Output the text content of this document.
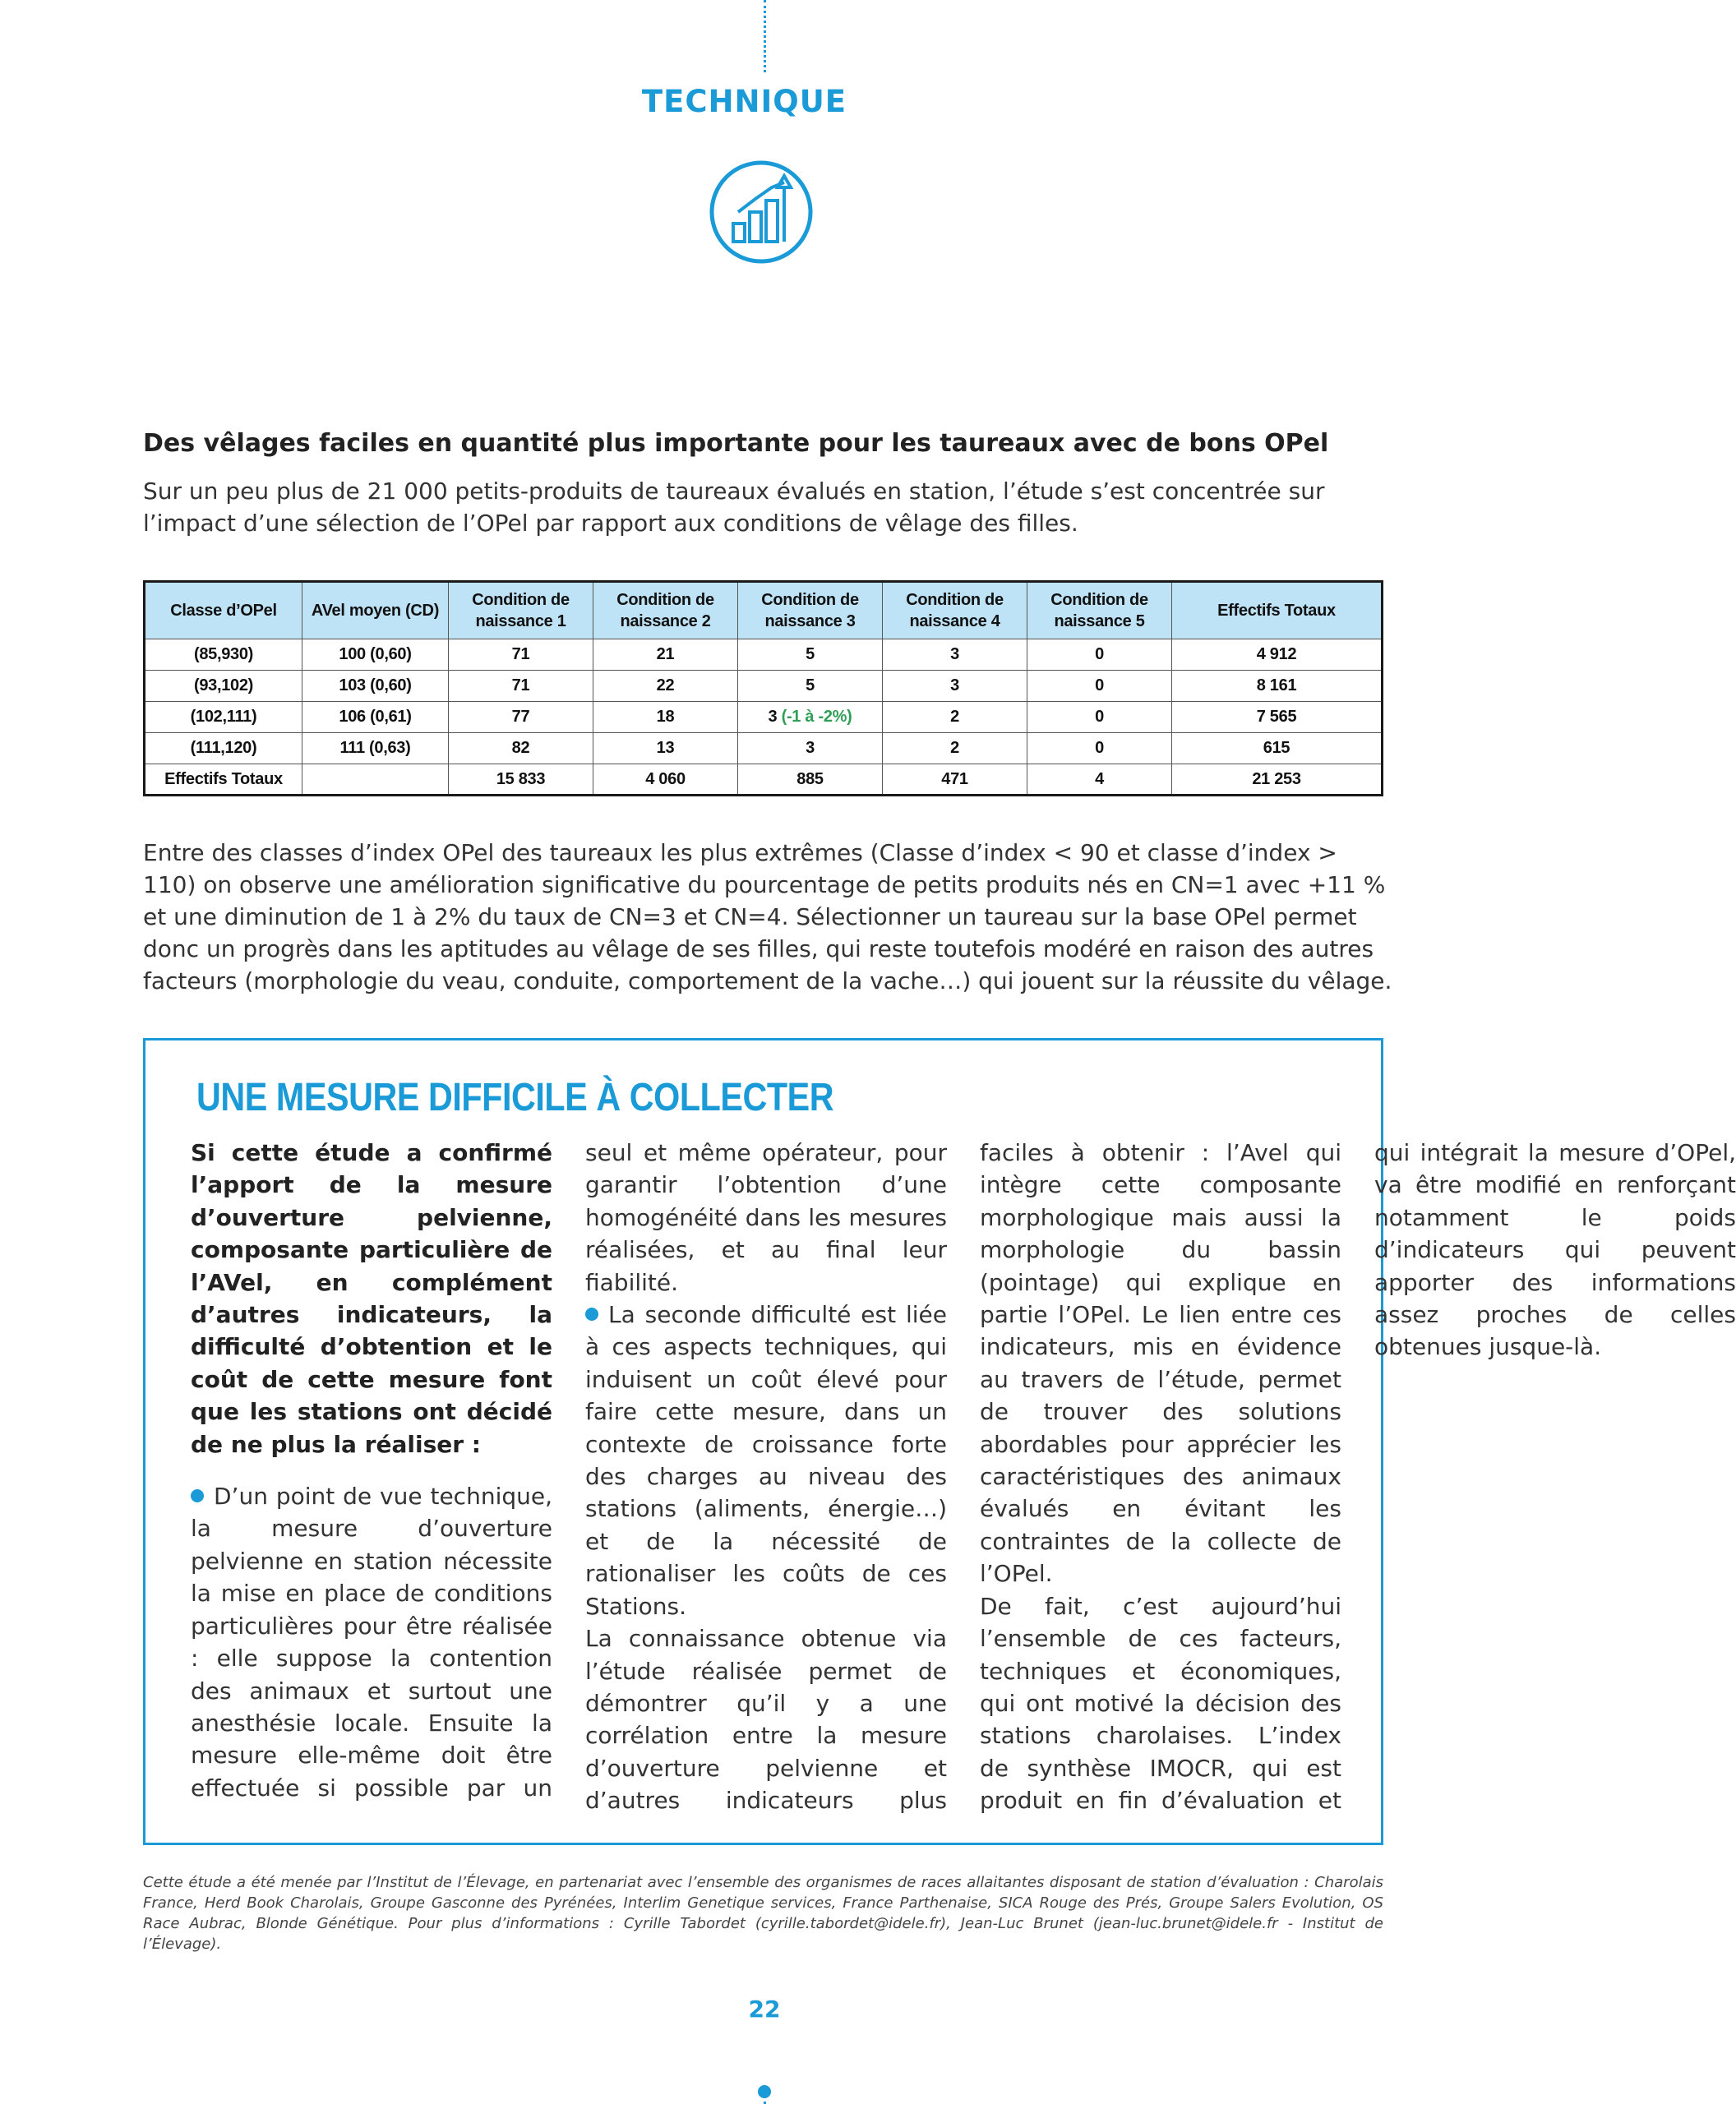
TECHNIQUE
Des vêlages faciles en quantité plus importante pour les taureaux avec de bons OPel
Sur un peu plus de 21 000 petits-produits de taureaux évalués en station, l’étude s’est concentrée sur l’impact d’une sélection de l’OPel par rapport aux conditions de vêlage des filles.
Classe d’OPel	AVel moyen (CD)	Condition de naissance 1	Condition de naissance 2	Condition de naissance 3	Condition de naissance 4	Condition de naissance 5	Effectifs Totaux
(85,930)	100 (0,60)	71	21	5	3	0	4 912
(93,102)	103 (0,60)	71	22	5	3	0	8 161
(102,111)	106 (0,61)	77	18	3 (-1 à -2%)	2	0	7 565
(111,120)	111 (0,63)	82	13	3	2	0	615
Effectifs Totaux		15 833	4 060	885	471	4	21 253
Entre des classes d’index OPel des taureaux les plus extrêmes (Classe d’index < 90 et classe d’index > 110) on observe une amélioration significative du pourcentage de petits produits nés en CN=1 avec +11 % et une diminution de 1 à 2% du taux de CN=3 et CN=4. Sélectionner un taureau sur la base OPel permet donc un progrès dans les aptitudes au vêlage de ses filles, qui reste toutefois modéré en raison des autres facteurs (morphologie du veau, conduite, comportement de la vache…) qui jouent sur la réussite du vêlage.
UNE MESURE DIFFICILE À COLLECTER

Si cette étude a confirmé l’apport de la mesure d’ouverture pelvienne, composante particulière de l’AVel, en complément d’autres indicateurs, la difficulté d’obtention et le coût de cette mesure font que les stations ont décidé de ne plus la réaliser :

D’un point de vue technique, la mesure d’ouverture pelvienne en station nécessite la mise en place de conditions particulières pour être réalisée : elle suppose la contention des animaux et surtout une anesthésie locale. Ensuite la mesure elle-même doit être effectuée si possible par un seul et même opérateur, pour garantir l’obtention d’une homogénéité dans les mesures réalisées, et au final leur fiabilité.

La seconde difficulté est liée à ces aspects techniques, qui induisent un coût élevé pour faire cette mesure, dans un contexte de croissance forte des charges au niveau des stations (aliments, énergie…) et de la nécessité de rationaliser les coûts de ces Stations.

La connaissance obtenue via l’étude réalisée permet de démontrer qu’il y a une corrélation entre la mesure d’ouverture pelvienne et d’autres indicateurs plus faciles à obtenir : l’Avel qui intègre cette composante morphologique mais aussi la morphologie du bassin (pointage) qui explique en partie l’OPel. Le lien entre ces indicateurs, mis en évidence au travers de l’étude, permet de trouver des solutions abordables pour apprécier les caractéristiques des animaux évalués en évitant les contraintes de la collecte de l’OPel.

De fait, c’est aujourd’hui l’ensemble de ces facteurs, techniques et économiques, qui ont motivé la décision des stations charolaises. L’index de synthèse IMOCR, qui est produit en fin d’évaluation et qui intégrait la mesure d’OPel, va être modifié en renforçant notamment le poids d’indicateurs qui peuvent apporter des informations assez proches de celles obtenues jusque-là.

Cette étude a été menée par l’Institut de l’Élevage, en partenariat avec l’ensemble des organismes de races allaitantes disposant de station d’évaluation : Charolais France, Herd Book Charolais, Groupe Gasconne des Pyrénées, Interlim Genetique services, France Parthenaise, SICA Rouge des Prés, Groupe Salers Evolution, OS Race Aubrac, Blonde Génétique. Pour plus d’informations : Cyrille Tabordet (cyrille.tabordet@idele.fr), Jean-Luc Brunet (jean-luc.brunet@idele.fr - Institut de l’Élevage).
22
